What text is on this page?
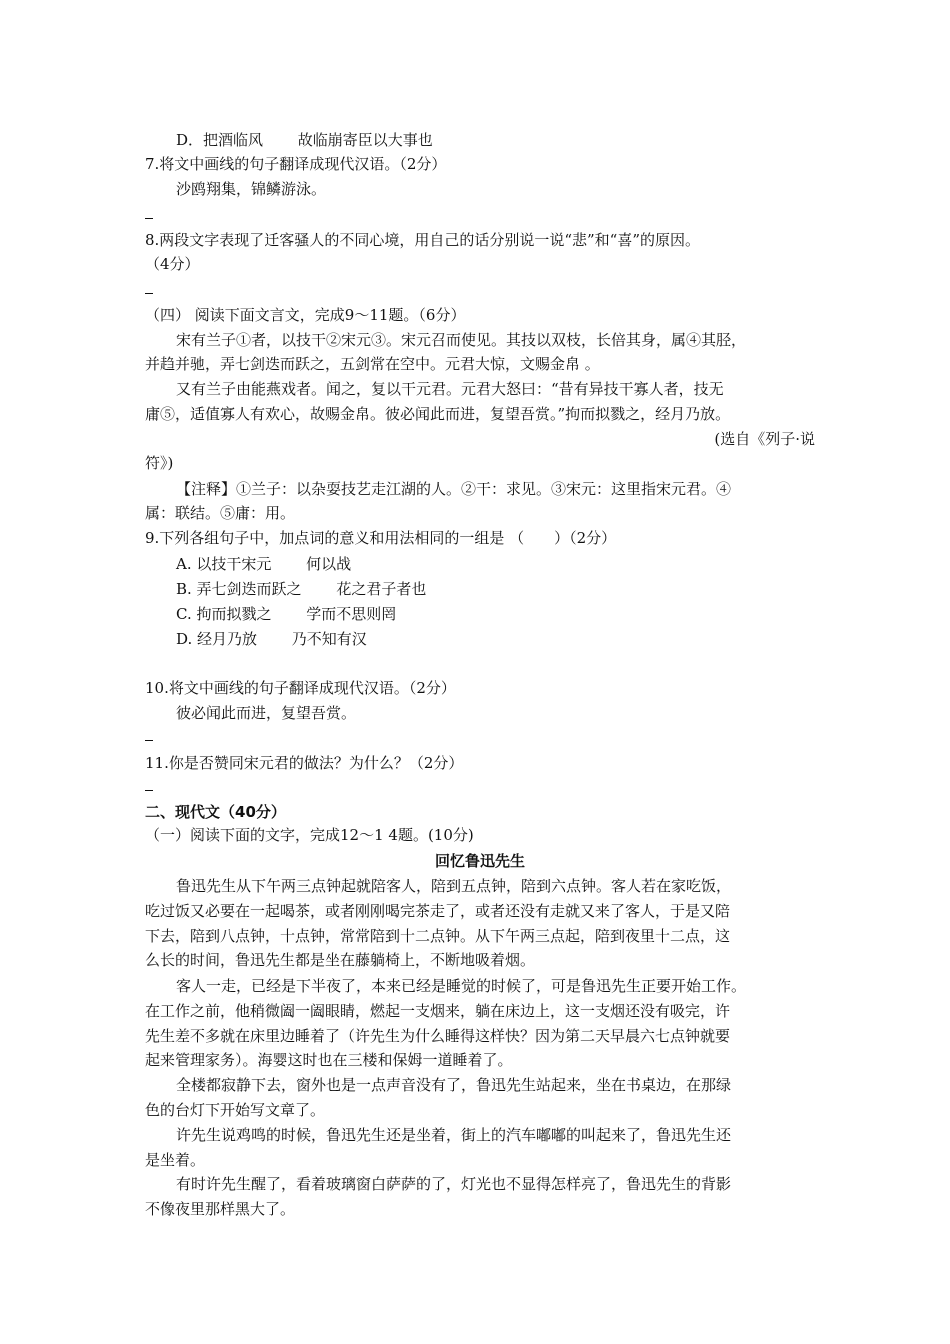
D．把酒临风　　 故临崩寄臣以大事也
7.将文中画线的句子翻译成现代汉语。（2分）
沙鸥翔集，锦鳞游泳。
8.两段文字表现了迁客骚人的不同心境，用自己的话分别说一说“悲”和“喜”的原因。
（4分）
（四） 阅读下面文言文，完成9～11题。（6分）
宋有兰子①者，以技干②宋元③。宋元召而使见。其技以双枝，长倍其身，属④其胫，
并趋并驰，弄七剑迭而跃之，五剑常在空中。元君大惊，文赐金帛 。
又有兰子由能燕戏者。闻之，复以干元君。元君大怒曰：“昔有异技干寡人者，技无
庸⑤，适值寡人有欢心，故赐金帛。彼必闻此而进，复望吾赏。”拘而拟戮之，经月乃放。
(选自《列子·说
符》)
【注释】①兰子：以杂耍技艺走江湖的人。②干：求见。③宋元：这里指宋元君。④
属：联结。⑤庸：用。
9.下列各组句子中，加点词的意义和用法相同的一组是 （　　）（2分）
A. 以技干宋元　　 何以战
B. 弄七剑迭而跃之　　 花之君子者也
C. 拘而拟戮之　　 学而不思则罔
D. 经月乃放　　 乃不知有汉
10.将文中画线的句子翻译成现代汉语。（2分）
彼必闻此而进，复望吾赏。
11.你是否赞同宋元君的做法？为什么？（2分）
二、现代文（40分）
（一）阅读下面的文字，完成12～1 4题。(10分)
回忆鲁迅先生
鲁迅先生从下午两三点钟起就陪客人，陪到五点钟，陪到六点钟。客人若在家吃饭，
吃过饭又必要在一起喝茶，或者刚刚喝完茶走了，或者还没有走就又来了客人，于是又陪
下去，陪到八点钟，十点钟，常常陪到十二点钟。从下午两三点起，陪到夜里十二点，这
么长的时间，鲁迅先生都是坐在藤躺椅上，不断地吸着烟。
客人一走，已经是下半夜了，本来已经是睡觉的时候了，可是鲁迅先生正要开始工作。
在工作之前，他稍微阖一阖眼睛，燃起一支烟来，躺在床边上，这一支烟还没有吸完，许
先生差不多就在床里边睡着了（许先生为什么睡得这样快？因为第二天早晨六七点钟就要
起来管理家务）。海婴这时也在三楼和保姆一道睡着了。
全楼都寂静下去，窗外也是一点声音没有了，鲁迅先生站起来，坐在书桌边，在那绿
色的台灯下开始写文章了。
许先生说鸡鸣的时候，鲁迅先生还是坐着，街上的汽车嘟嘟的叫起来了，鲁迅先生还
是坐着。
有时许先生醒了，看着玻璃窗白萨萨的了，灯光也不显得怎样亮了，鲁迅先生的背影
不像夜里那样黑大了。
